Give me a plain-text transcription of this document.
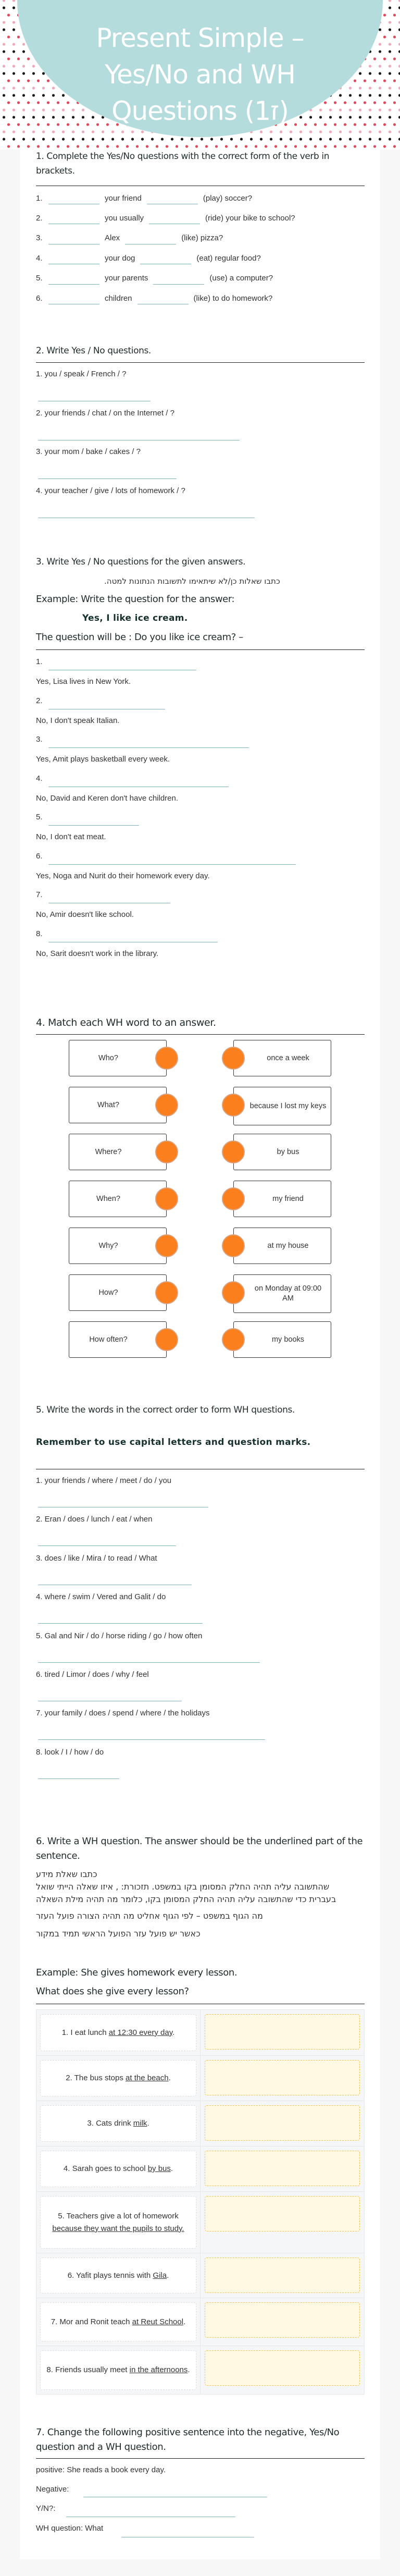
Present Simple –
Yes/No and WH
Questions (1ז)
1. Complete the Yes/No questions with the correct form of the verb in brackets.
1.	your friend	(play) soccer?
2.	you usually	(ride) your bike to school?
3.	Alex	(like) pizza?
4.	your dog	(eat) regular food?
5.	your parents	(use) a computer?
6.	children	(like) to do homework?
2. Write Yes / No questions.
1. you / speak / French / ?
2. your friends / chat / on the Internet / ?
3. your mom / bake / cakes / ?
4. your teacher / give / lots of homework / ?
3. Write Yes / No questions for the given answers.
כתבו שאלות כן/לא שיתאימו לתשובות הנתונות למטה.
Example: Write the question for the answer:
Yes, I like ice cream.
The question will be : Do you like ice cream? –
1.
Yes, Lisa lives in New York.
2.
No, I don't speak Italian.
3.
Yes, Amit plays basketball every week.
4.
No, David and Keren don't have children.
5.
No, I don't eat meat.
6.
Yes, Noga and Nurit do their homework every day.
7.
No, Amir doesn't like school.
8.
No, Sarit doesn't work in the library.
4. Match each WH word to an answer.
Who?	once a week
What?	because I lost my keys
Where?	by bus
When?	my friend
Why?	at my house
How?	on Monday at 09:00 AM
How often?	my books
5. Write the words in the correct order to form WH questions.
Remember to use capital letters and question marks.
1. your friends / where / meet / do / you
2. Eran / does / lunch / eat / when
3. does / like / Mira / to read / What
4. where / swim / Vered and Galit / do
5. Gal and Nir / do / horse riding / go / how often
6. tired / Limor / does / why / feel
7. your family / does / spend / where / the holidays
8. look / I / how / do
6. Write a WH question. The answer should be the underlined part of the sentence.
כתבו שאלת מידע
שהתשובה עליה תהיה החלק המסומן בקו במשפט. תזכורת: , איזו שאלה הייתי שואל בעברית כדי שהתשובה עליה תהיה החלק המסומן בקו, כלומר מה תהיה מילת השאלה
מה הגוף במשפט – לפי הגוף אחליט מה תהיה הצורה פועל העזר
כאשר יש פועל עזר הפועל הראשי תמיד במקור
Example: She gives homework every lesson.
What does she give every lesson?
1. I eat lunch at 12:30 every day.
2. The bus stops at the beach.
3. Cats drink milk.
4. Sarah goes to school by bus.
5. Teachers give a lot of homework because they want the pupils to study.
6. Yafit plays tennis with Gila.
7. Mor and Ronit teach at Reut School.
8. Friends usually meet in the afternoons.
7. Change the following positive sentence into the negative, Yes/No question and a WH question.
positive: She reads a book every day.
Negative:
Y/N?:
WH question: What
